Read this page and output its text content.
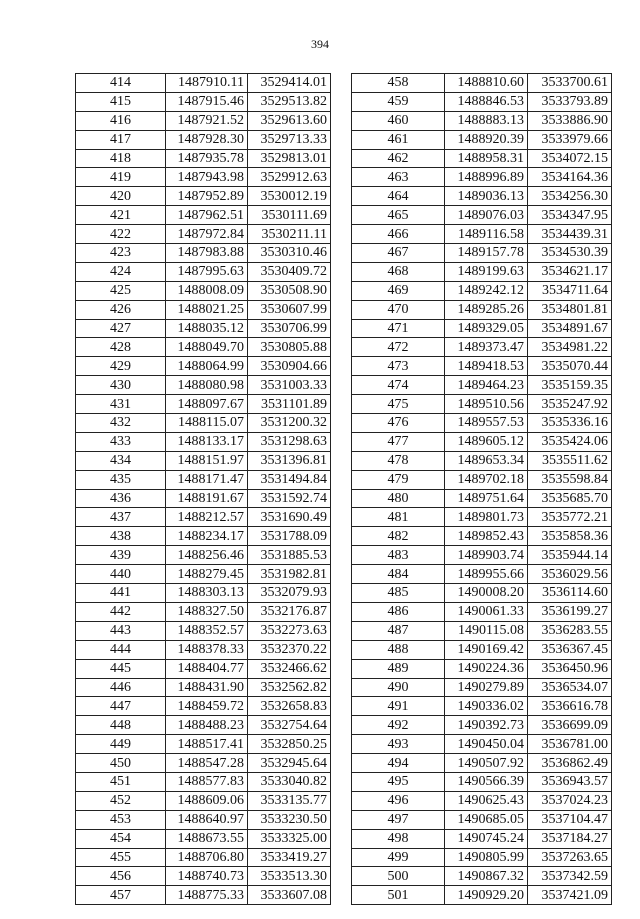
394
414	1487910.11	3529414.01
415	1487915.46	3529513.82
416	1487921.52	3529613.60
417	1487928.30	3529713.33
418	1487935.78	3529813.01
419	1487943.98	3529912.63
420	1487952.89	3530012.19
421	1487962.51	3530111.69
422	1487972.84	3530211.11
423	1487983.88	3530310.46
424	1487995.63	3530409.72
425	1488008.09	3530508.90
426	1488021.25	3530607.99
427	1488035.12	3530706.99
428	1488049.70	3530805.88
429	1488064.99	3530904.66
430	1488080.98	3531003.33
431	1488097.67	3531101.89
432	1488115.07	3531200.32
433	1488133.17	3531298.63
434	1488151.97	3531396.81
435	1488171.47	3531494.84
436	1488191.67	3531592.74
437	1488212.57	3531690.49
438	1488234.17	3531788.09
439	1488256.46	3531885.53
440	1488279.45	3531982.81
441	1488303.13	3532079.93
442	1488327.50	3532176.87
443	1488352.57	3532273.63
444	1488378.33	3532370.22
445	1488404.77	3532466.62
446	1488431.90	3532562.82
447	1488459.72	3532658.83
448	1488488.23	3532754.64
449	1488517.41	3532850.25
450	1488547.28	3532945.64
451	1488577.83	3533040.82
452	1488609.06	3533135.77
453	1488640.97	3533230.50
454	1488673.55	3533325.00
455	1488706.80	3533419.27
456	1488740.73	3533513.30
457	1488775.33	3533607.08
458	1488810.60	3533700.61
459	1488846.53	3533793.89
460	1488883.13	3533886.90
461	1488920.39	3533979.66
462	1488958.31	3534072.15
463	1488996.89	3534164.36
464	1489036.13	3534256.30
465	1489076.03	3534347.95
466	1489116.58	3534439.31
467	1489157.78	3534530.39
468	1489199.63	3534621.17
469	1489242.12	3534711.64
470	1489285.26	3534801.81
471	1489329.05	3534891.67
472	1489373.47	3534981.22
473	1489418.53	3535070.44
474	1489464.23	3535159.35
475	1489510.56	3535247.92
476	1489557.53	3535336.16
477	1489605.12	3535424.06
478	1489653.34	3535511.62
479	1489702.18	3535598.84
480	1489751.64	3535685.70
481	1489801.73	3535772.21
482	1489852.43	3535858.36
483	1489903.74	3535944.14
484	1489955.66	3536029.56
485	1490008.20	3536114.60
486	1490061.33	3536199.27
487	1490115.08	3536283.55
488	1490169.42	3536367.45
489	1490224.36	3536450.96
490	1490279.89	3536534.07
491	1490336.02	3536616.78
492	1490392.73	3536699.09
493	1490450.04	3536781.00
494	1490507.92	3536862.49
495	1490566.39	3536943.57
496	1490625.43	3537024.23
497	1490685.05	3537104.47
498	1490745.24	3537184.27
499	1490805.99	3537263.65
500	1490867.32	3537342.59
501	1490929.20	3537421.09
